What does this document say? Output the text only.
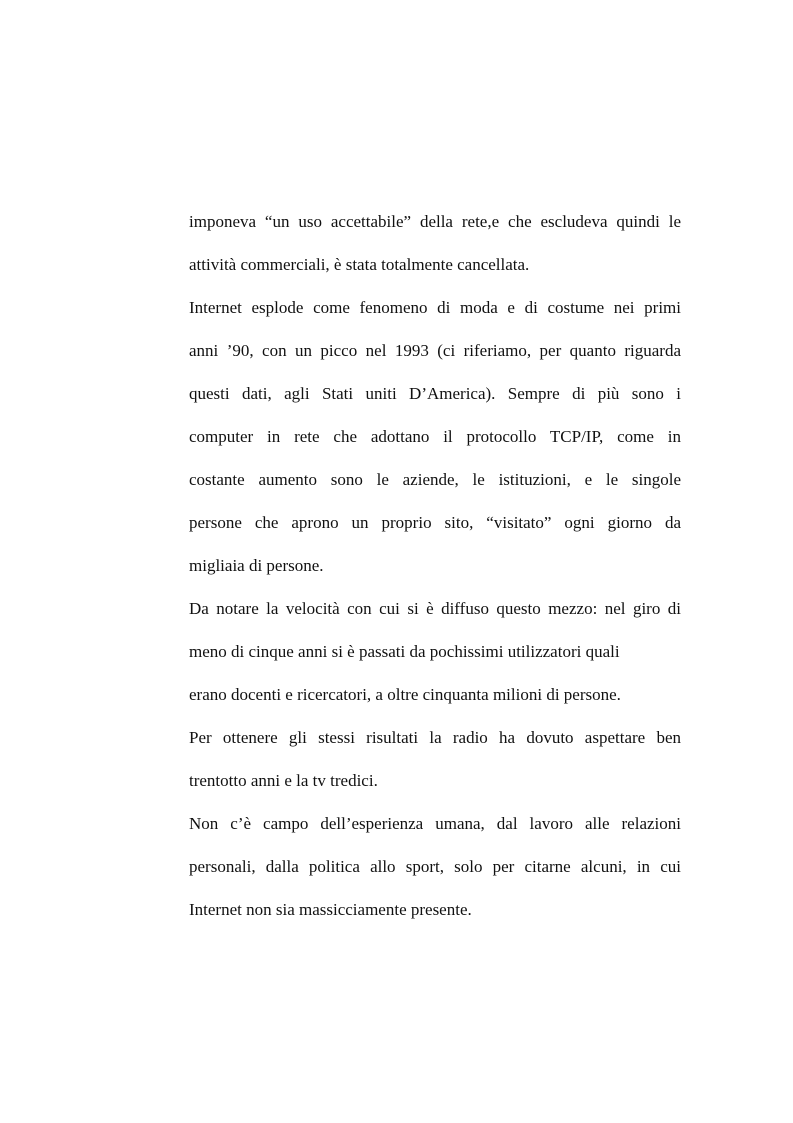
imponeva “un uso accettabile” della rete,e che escludeva quindi le
attività commerciali, è stata totalmente cancellata.
Internet esplode come fenomeno di moda e di costume nei primi
anni ’90, con un picco nel 1993 (ci riferiamo, per quanto riguarda
questi dati, agli Stati uniti D’America). Sempre di più sono i
computer in rete che adottano il protocollo TCP/IP, come in
costante aumento sono le aziende, le istituzioni, e le singole
persone che aprono un proprio sito, “visitato” ogni giorno da
migliaia di persone.
Da notare la velocità con cui si è diffuso questo mezzo: nel giro di
meno di cinque anni si è passati da pochissimi utilizzatori quali
erano docenti e ricercatori, a oltre cinquanta milioni di persone.
Per ottenere gli stessi risultati la radio ha dovuto aspettare ben
trentotto anni e la tv tredici.
Non c’è campo dell’esperienza umana, dal lavoro alle relazioni
personali, dalla politica allo sport, solo per citarne alcuni, in cui
Internet non sia massicciamente presente.
